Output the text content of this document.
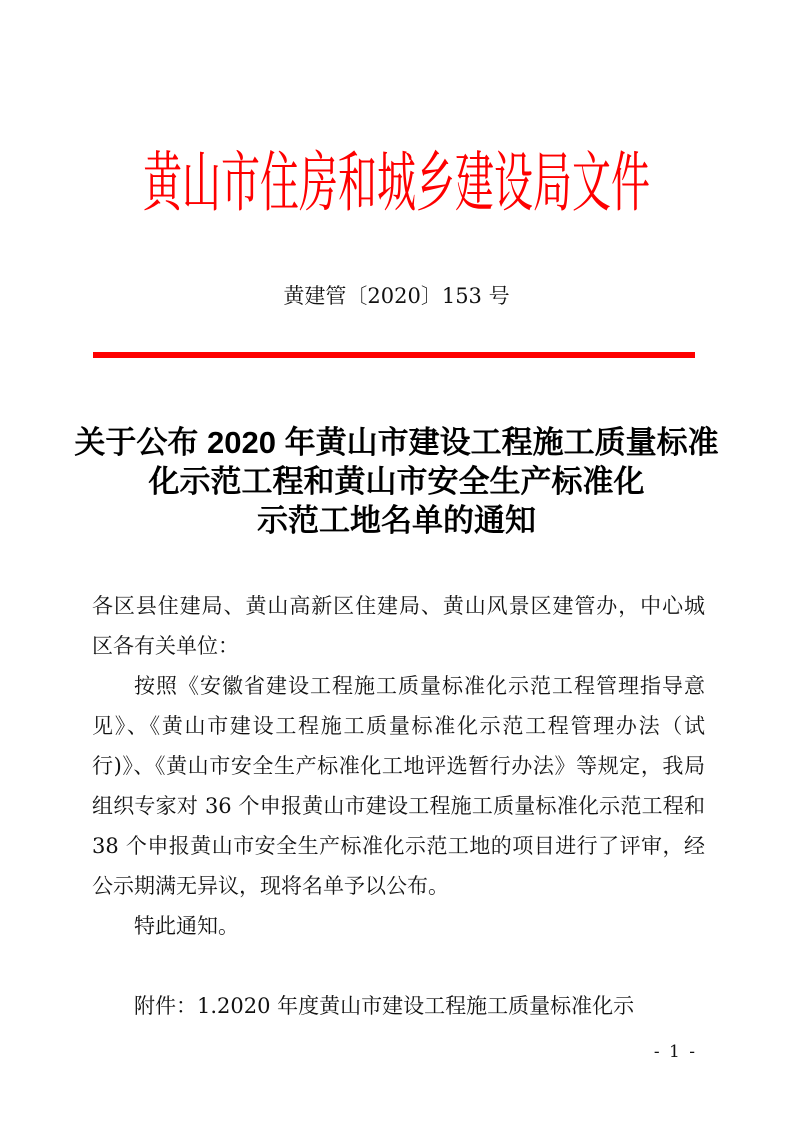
黄山市住房和城乡建设局文件
黄建管〔2020〕153 号
关于公布 2020 年黄山市建设工程施工质量标准
化示范工程和黄山市安全生产标准化
示范工地名单的通知
各区县住建局、黄山高新区住建局、黄山风景区建管办，中心城
区各有关单位：
按照《安徽省建设工程施工质量标准化示范工程管理指导意
见》、《黄山市建设工程施工质量标准化示范工程管理办法（试
行)》、《黄山市安全生产标准化工地评选暂行办法》等规定，我局
组织专家对 36 个申报黄山市建设工程施工质量标准化示范工程和
38 个申报黄山市安全生产标准化示范工地的项目进行了评审，经
公示期满无异议，现将名单予以公布。
特此通知。
附件：1.2020 年度黄山市建设工程施工质量标准化示
- 1 -
